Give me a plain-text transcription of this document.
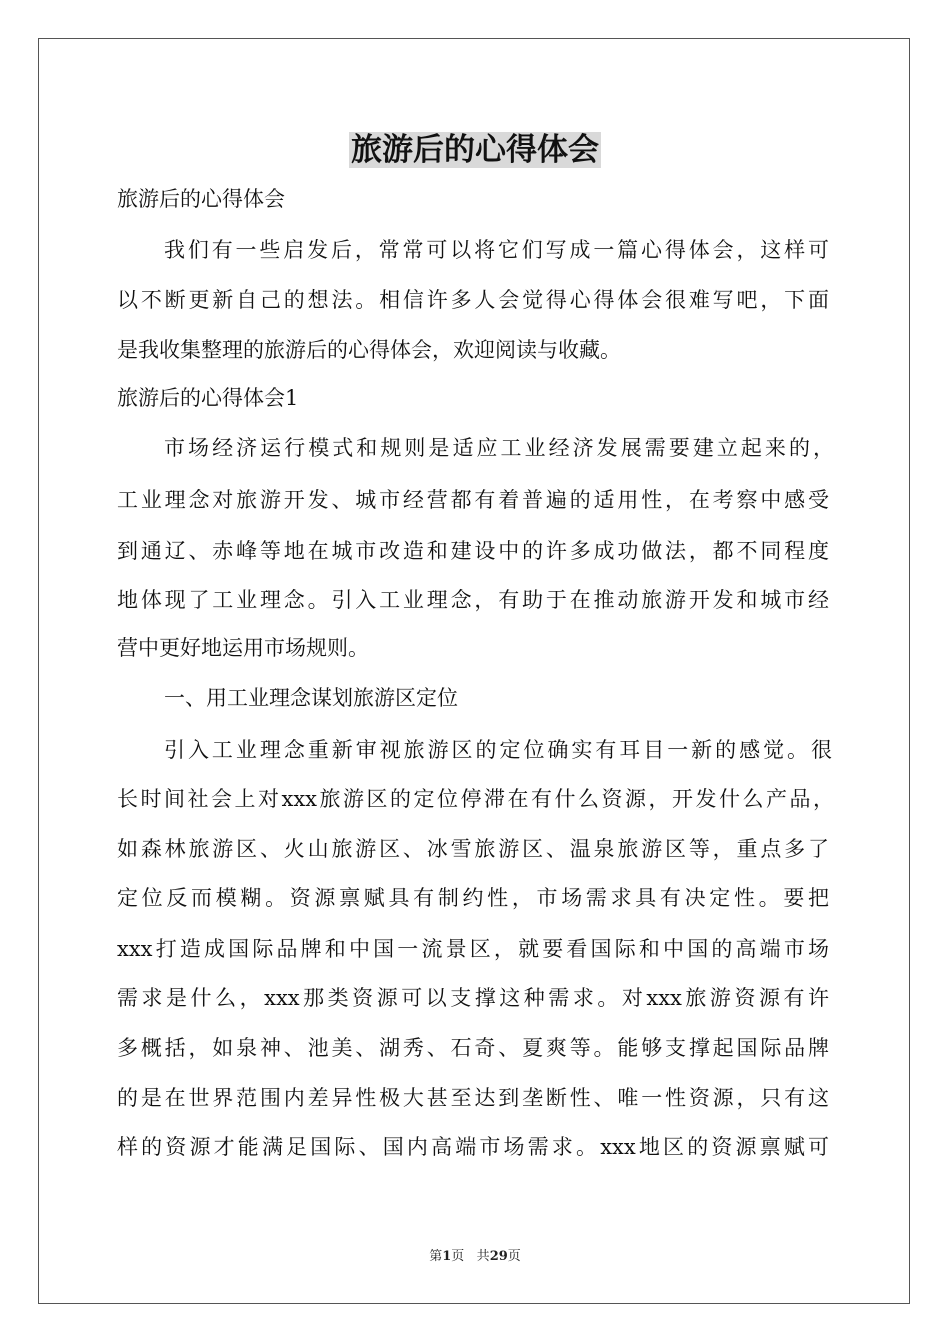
旅游后的心得体会

旅游后的心得体会

我们有一些启发后，常常可以将它们写成一篇心得体会，这样可

以不断更新自己的想法。相信许多人会觉得心得体会很难写吧，下面

是我收集整理的旅游后的心得体会，欢迎阅读与收藏。

旅游后的心得体会1

市场经济运行模式和规则是适应工业经济发展需要建立起来的，

工业理念对旅游开发、城市经营都有着普遍的适用性，在考察中感受

到通辽、赤峰等地在城市改造和建设中的许多成功做法，都不同程度

地体现了工业理念。引入工业理念，有助于在推动旅游开发和城市经

营中更好地运用市场规则。

一、用工业理念谋划旅游区定位

引入工业理念重新审视旅游区的定位确实有耳目一新的感觉。很

长时间社会上对xxx旅游区的定位停滞在有什么资源，开发什么产品，

如森林旅游区、火山旅游区、冰雪旅游区、温泉旅游区等，重点多了

定位反而模糊。资源禀赋具有制约性，市场需求具有决定性。要把

xxx打造成国际品牌和中国一流景区，就要看国际和中国的高端市场

需求是什么，xxx那类资源可以支撑这种需求。对xxx旅游资源有许

多概括，如泉神、池美、湖秀、石奇、夏爽等。能够支撑起国际品牌

的是在世界范围内差异性极大甚至达到垄断性、唯一性资源，只有这

样的资源才能满足国际、国内高端市场需求。xxx地区的资源禀赋可

第1页 共29页
